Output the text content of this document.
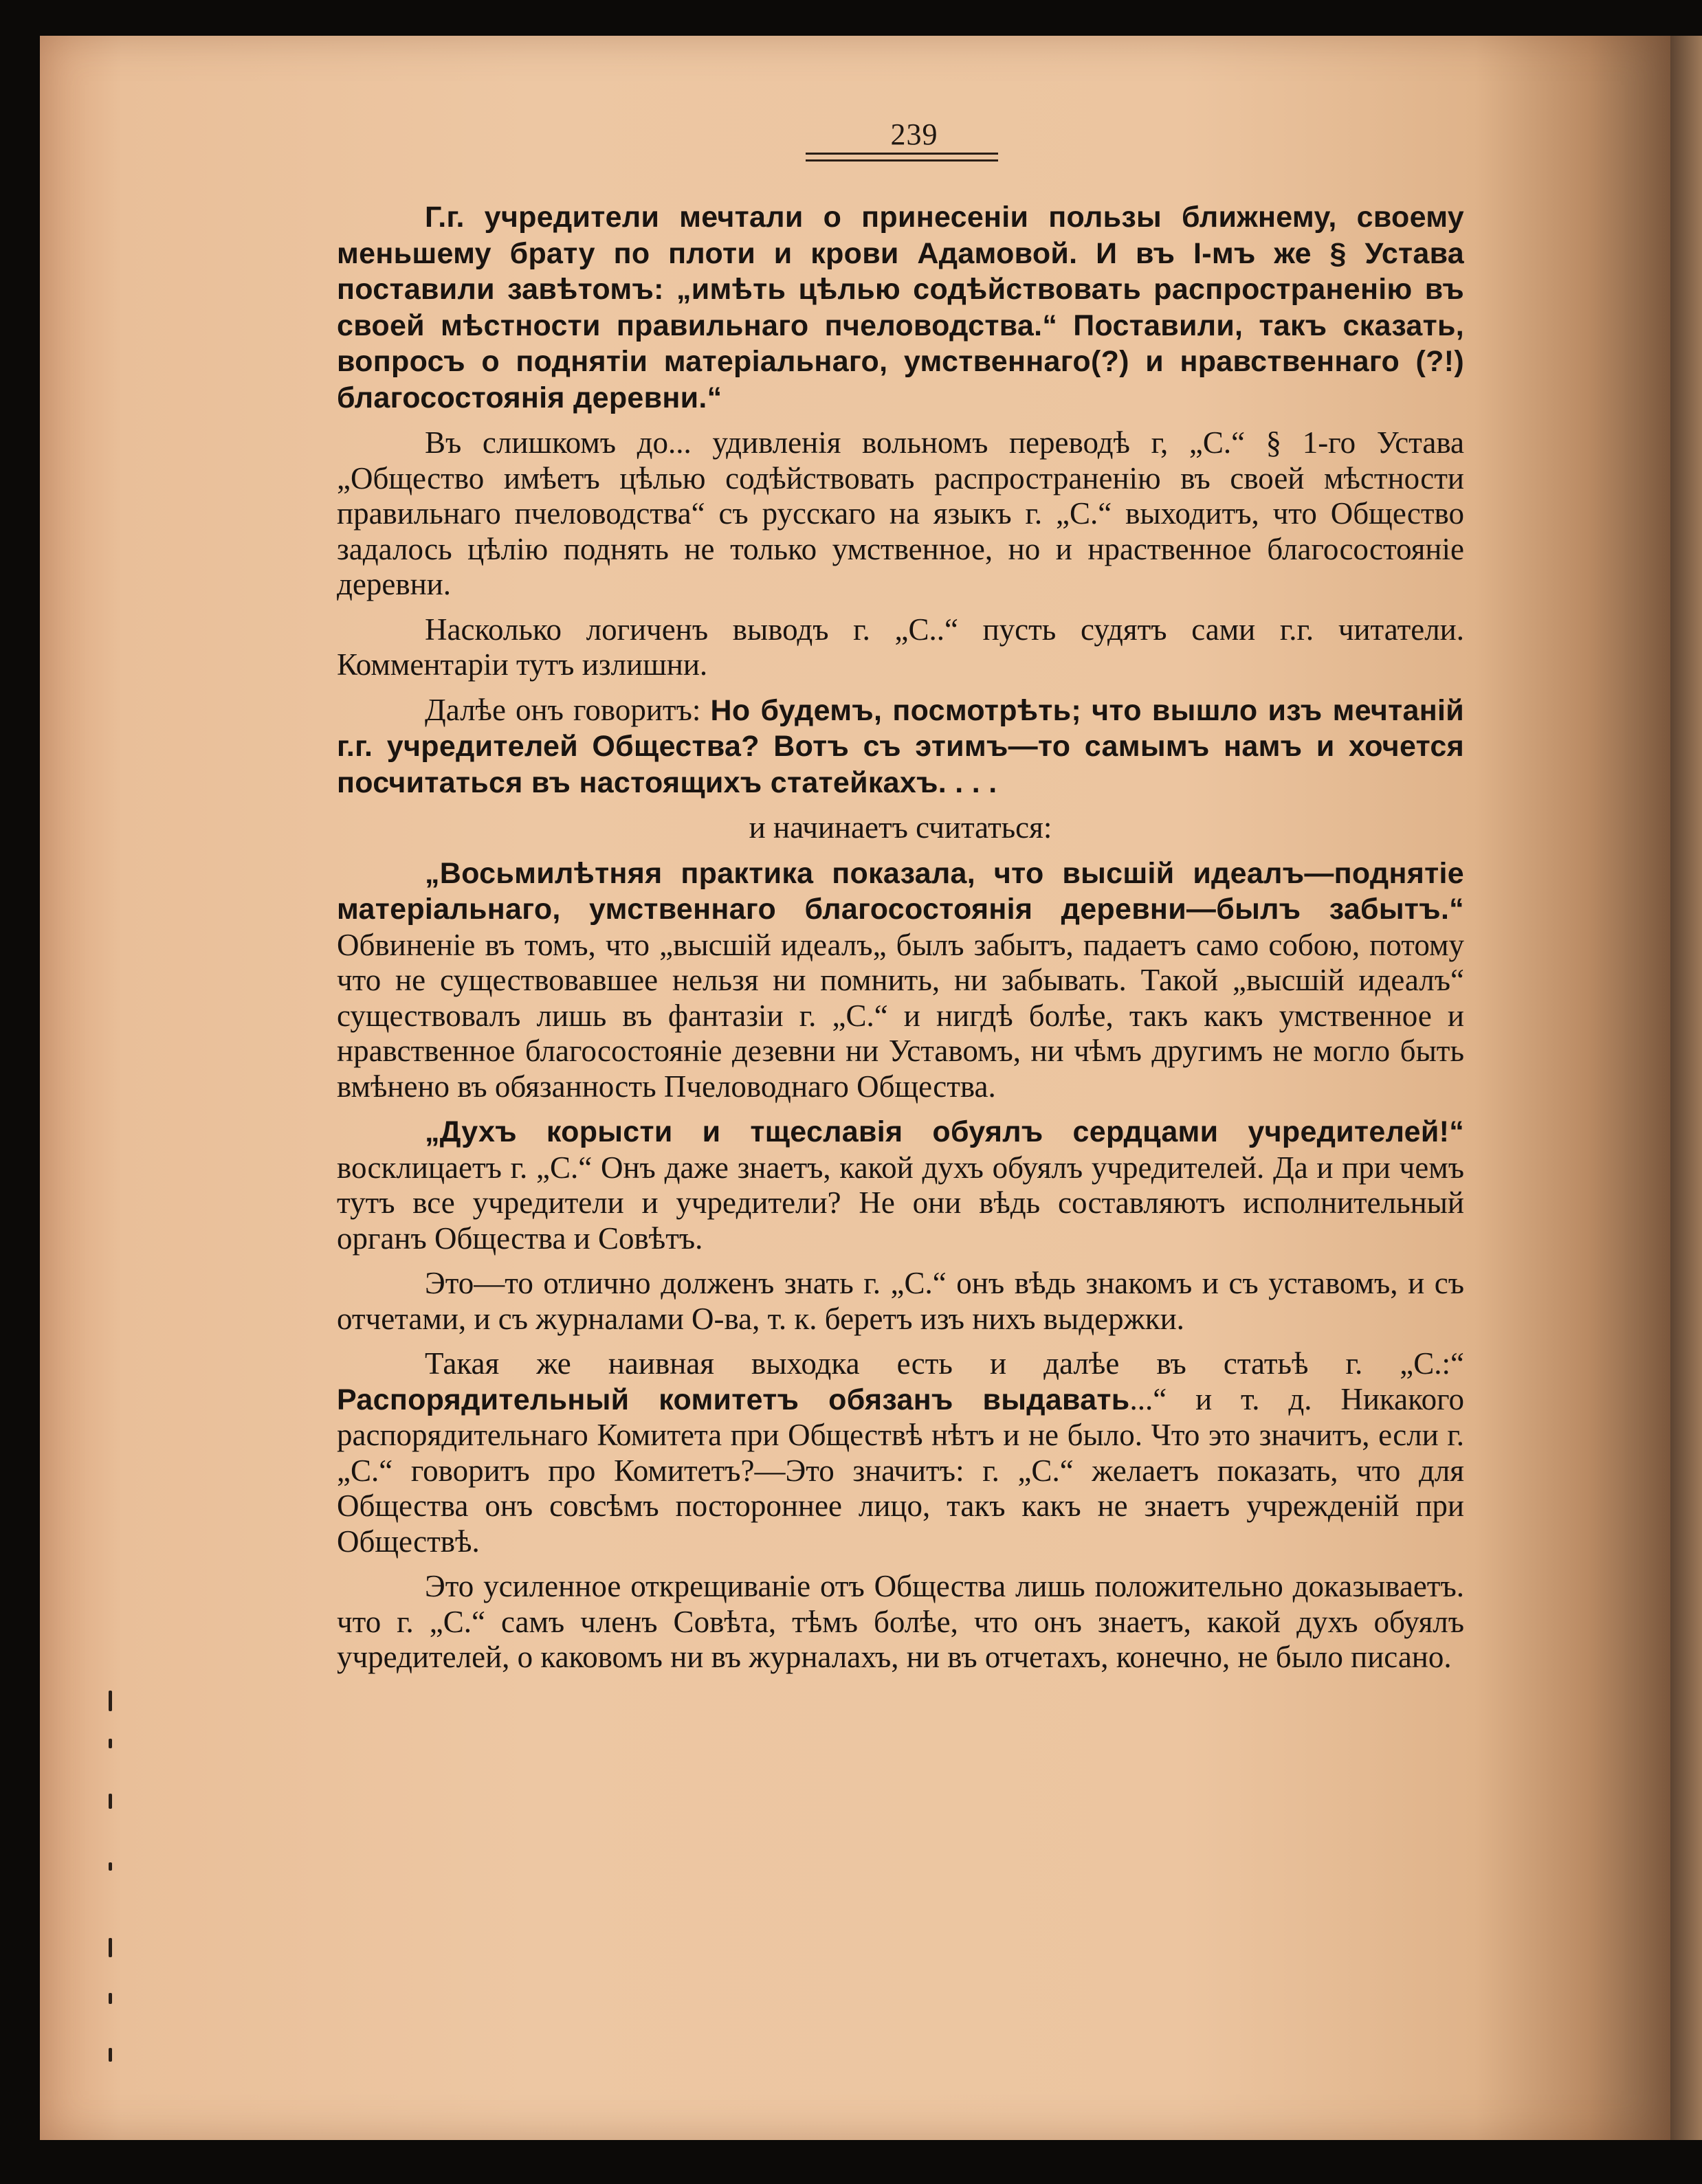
239

Г.г. учредители мечтали о принесеніи пользы ближнему, своему меньшему брату по плоти и крови Адамовой. И въ І-мъ же § Устава поставили завѣтомъ: „имѣть цѣлью содѣйствовать распространенію въ своей мѣстности правильнаго пчеловодства.“ Поставили, такъ сказать, вопросъ о поднятіи матеріальнаго, умственнаго(?) и нравственнаго (?!) благосостоянія деревни.“

Въ слишкомъ до... удивленія вольномъ переводѣ г, „С.“ § 1-го Устава „Общество имѣетъ цѣлью содѣйствовать распространенію въ своей мѣстности правильнаго пчеловодства“ съ русскаго на языкъ г. „С.“ выходитъ, что Общество задалось цѣлію поднять не только умственное, но и нраственное благосостояніе деревни.

Насколько логиченъ выводъ г. „С..“ пусть судятъ сами г.г. читатели. Комментаріи тутъ излишни.

Далѣе онъ говоритъ: Но будемъ, посмотрѣть; что вышло изъ мечтаній г.г. учредителей Общества? Вотъ съ этимъ—то самымъ намъ и хочется посчитаться въ настоящихъ статейкахъ. . . .

и начинаетъ считаться:

„Восьмилѣтняя практика показала, что высшій идеалъ—поднятіе матеріальнаго, умственнаго благосостоянія деревни—былъ забытъ.“ Обвиненіе въ томъ, что „высшій идеалъ„ былъ забытъ, падаетъ само собою, потому что не существовавшее нельзя ни помнить, ни забывать. Такой „высшій идеалъ“ существовалъ лишь въ фантазіи г. „С.“ и нигдѣ болѣе, такъ какъ умственное и нравственное благосостояніе дезевни ни Уставомъ, ни чѣмъ другимъ не могло быть вмѣнено въ обязанность Пчеловоднаго Общества.

„Духъ корысти и тщеславія обуялъ сердцами учредителей!“ восклицаетъ г. „С.“ Онъ даже знаетъ, какой духъ обуялъ учредителей. Да и при чемъ тутъ все учредители и учредители? Не они вѣдь составляютъ исполнительный органъ Общества и Совѣтъ.

Это—то отлично долженъ знать г. „С.“ онъ вѣдь знакомъ и съ уставомъ, и съ отчетами, и съ журналами О-ва, т. к. беретъ изъ нихъ выдержки.

Такая же наивная выходка есть и далѣе въ статьѣ г. „С.:“ Распорядительный комитетъ обязанъ выдавать...“ и т. д. Никакого распорядительнаго Комитета при Обществѣ нѣтъ и не было. Что это значитъ, если г. „С.“ говоритъ про Комитетъ?—Это значитъ: г. „С.“ желаетъ показать, что для Общества онъ совсѣмъ постороннее лицо, такъ какъ не знаетъ учрежденій при Обществѣ.

Это усиленное открещиваніе отъ Общества лишь положительно доказываетъ. что г. „С.“ самъ членъ Совѣта, тѣмъ болѣе, что онъ знаетъ, какой духъ обуялъ учредителей, о каковомъ ни въ журналахъ, ни въ отчетахъ, конечно, не было писано.
